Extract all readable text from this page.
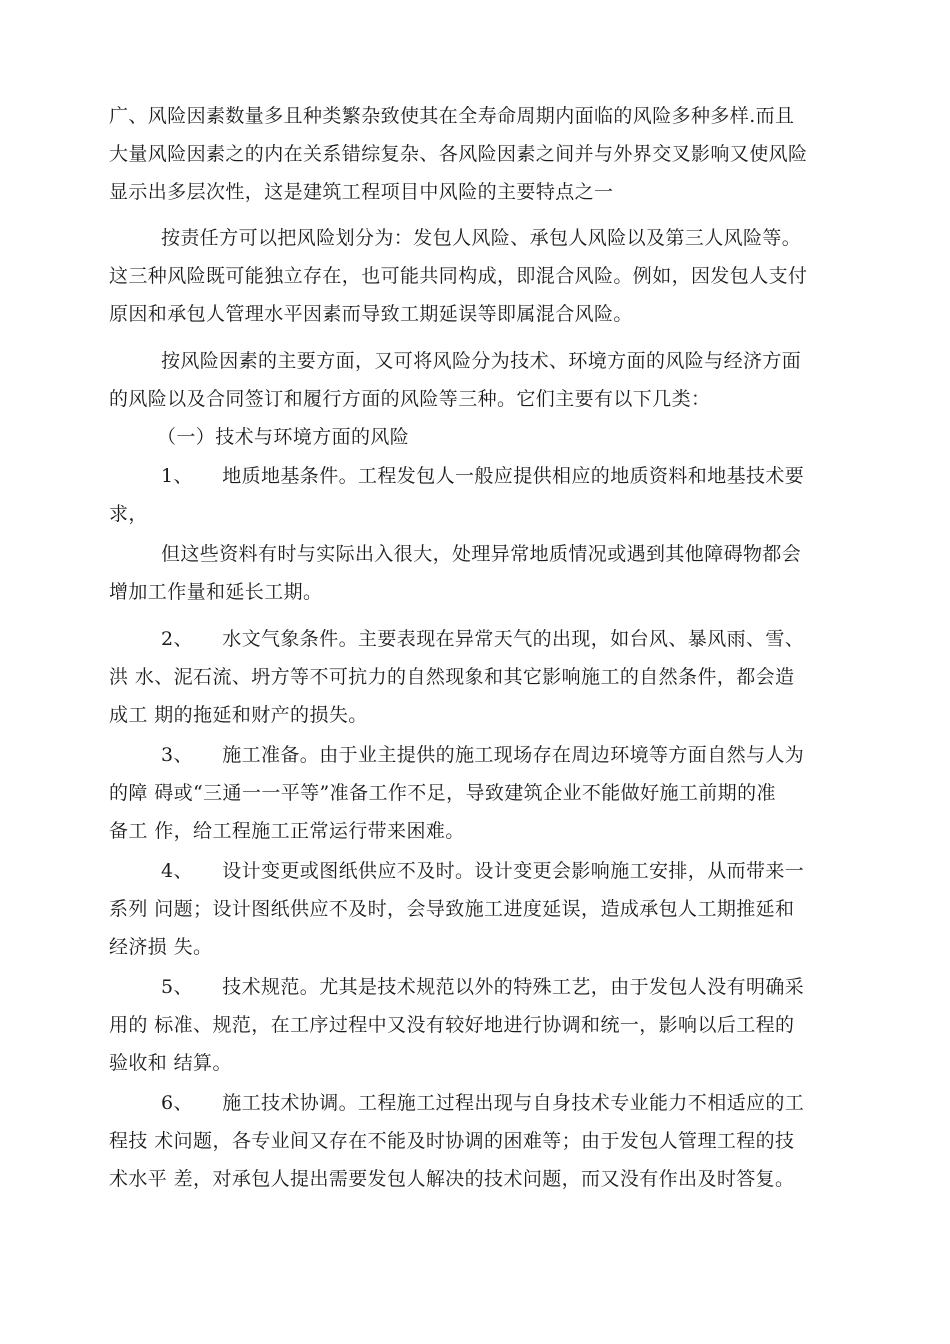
广、风险因素数量多且种类繁杂致使其在全寿命周期内面临的风险多种多样.而且
大量风险因素之的内在关系错综复杂、各风险因素之间并与外界交叉影响又使风险
显示出多层次性，这是建筑工程项目中风险的主要特点之一
按责任方可以把风险划分为：发包人风险、承包人风险以及第三人风险等。
这三种风险既可能独立存在，也可能共同构成，即混合风险。例如，因发包人支付
原因和承包人管理水平因素而导致工期延误等即属混合风险。
按风险因素的主要方面，又可将风险分为技术、环境方面的风险与经济方面
的风险以及合同签订和履行方面的风险等三种。它们主要有以下几类：
（一）技术与环境方面的风险
1、　　地质地基条件。工程发包人一般应提供相应的地质资料和地基技术要
求，
但这些资料有时与实际出入很大，处理异常地质情况或遇到其他障碍物都会
增加工作量和延长工期。
2、　　水文气象条件。主要表现在异常天气的出现，如台风、暴风雨、雪、
洪 水、泥石流、坍方等不可抗力的自然现象和其它影响施工的自然条件，都会造
成工 期的拖延和财产的损失。
3、　　施工准备。由于业主提供的施工现场存在周边环境等方面自然与人为
的障 碍或“三通一一平等”准备工作不足，导致建筑企业不能做好施工前期的准
备工 作，给工程施工正常运行带来困难。
4、　　设计变更或图纸供应不及时。设计变更会影响施工安排，从而带来一
系列 问题；设计图纸供应不及时，会导致施工进度延误，造成承包人工期推延和
经济损 失。
5、　　技术规范。尤其是技术规范以外的特殊工艺，由于发包人没有明确采
用的 标准、规范，在工序过程中又没有较好地进行协调和统一，影响以后工程的
验收和 结算。
6、　　施工技术协调。工程施工过程出现与自身技术专业能力不相适应的工
程技 术问题，各专业间又存在不能及时协调的困难等；由于发包人管理工程的技
术水平 差，对承包人提出需要发包人解决的技术问题，而又没有作出及时答复。
